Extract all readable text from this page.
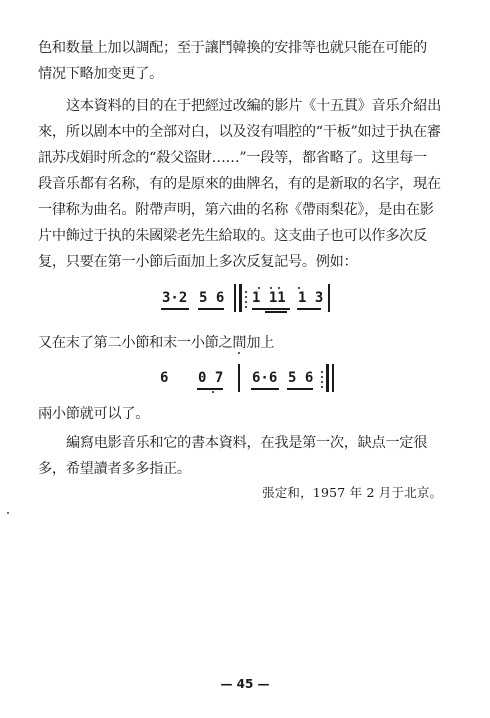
色和数量上加以調配；至于讓鬥韓換的安排等也就只能在可能的
情况下略加变更了。
这本資料的目的在于把經过改編的影片《十五貫》音乐介紹出
來，所以剧本中的全部对白，以及沒有唱腔的“干板”如过于执在審
訊苏戌娟时所念的“殺父盜財……”一段等，都省略了。这里每一
段音乐都有名称，有的是原來的曲牌名，有的是新取的名字，現在
一律称为曲名。附帶声明，第六曲的名称《帶雨梨花》，是由在影
片中飾过于执的朱國梁老先生給取的。这支曲子也可以作多次反
复，只要在第一小節后面加上多次反复記号。例如：
3·2 5 6 1 11 1 3
又在末了第二小節和末一小節之間加上
6 0 7 6·6 5 6
兩小節就可以了。
編寫电影音乐和它的書本資料，在我是第一次，缺点一定很
多，希望讀者多多指正。
張定和，1957 年 2 月于北京。
— 45 —
